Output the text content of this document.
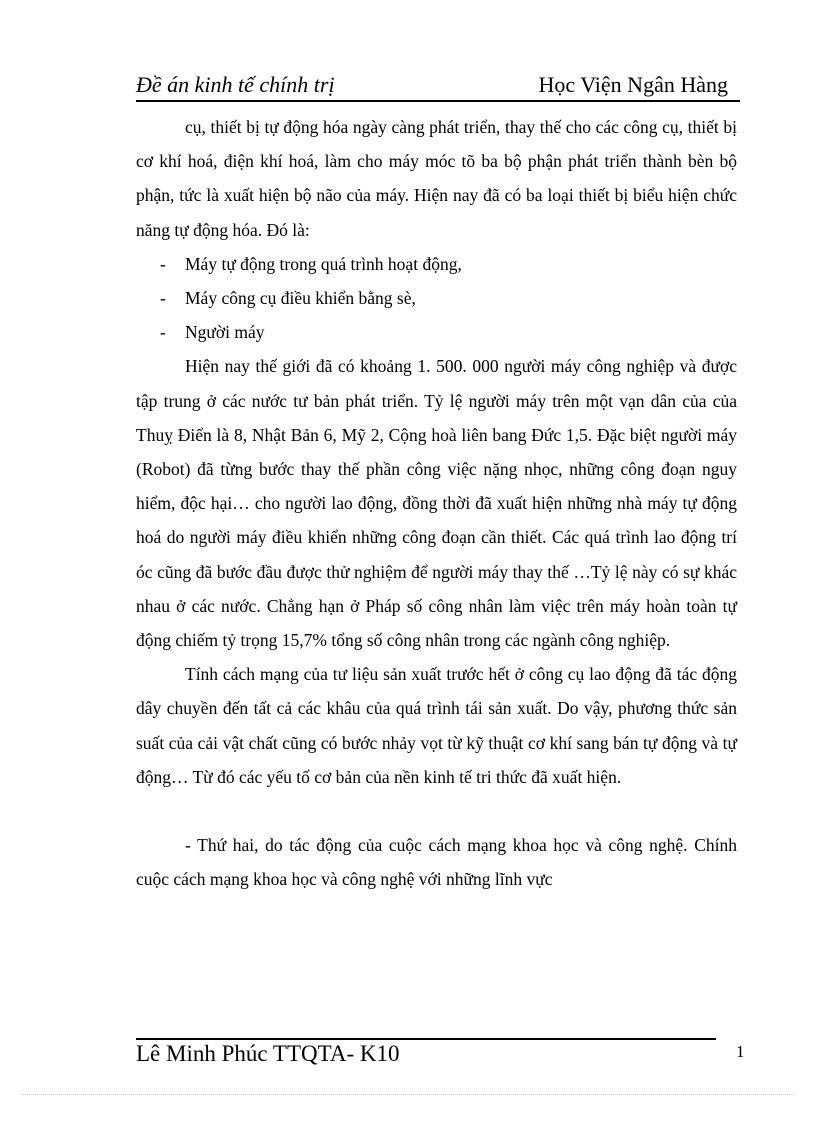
Đề án kinh tế chính trị	Học Viện Ngân Hàng

cụ, thiết bị tự động hóa ngày càng phát triển, thay thế cho các công cụ, thiết bị cơ khí hoá, điện khí hoá, làm cho máy móc tõ ba bộ phận phát triển thành bèn bộ phận, tức là xuất hiện bộ não của máy. Hiện nay đã có ba loại thiết bị biểu hiện chức năng tự động hóa. Đó là:

- Máy tự động trong quá trình hoạt động,
- Máy công cụ điều khiển bằng sè,
- Người máy

Hiện nay thế giới đã có khoảng 1. 500. 000 người máy công nghiệp và được tập trung ở các nước tư bản phát triển. Tỷ lệ người máy trên một vạn dân của của Thuỵ Điển là 8, Nhật Bản 6, Mỹ 2, Cộng hoà liên bang Đức 1,5. Đặc biệt người máy (Robot) đã từng bước thay thế phần công việc nặng nhọc, những công đoạn nguy hiểm, độc hại… cho người lao động, đồng thời đã xuất hiện những nhà máy tự động hoá do người máy điều khiển những công đoạn cần thiết. Các quá trình lao động trí óc cũng đã bước đầu được thử nghiệm để người máy thay thế …Tỷ lệ này có sự khác nhau ở các nước. Chẳng hạn ở Pháp số công nhân làm việc trên máy hoàn toàn tự động chiếm tỷ trọng 15,7% tổng số công nhân trong các ngành công nghiệp.

Tính cách mạng của tư liệu sản xuất trước hết ở công cụ lao động đã tác động dây chuyền đến tất cả các khâu của quá trình tái sản xuất. Do vậy, phương thức sản suất của cải vật chất cũng có bước nhảy vọt từ kỹ thuật cơ khí sang bán tự động và tự động… Từ đó các yếu tố cơ bản của nền kinh tế tri thức đã xuất hiện.

- Thứ hai, do tác động của cuộc cách mạng khoa học và công nghệ. Chính cuộc cách mạng khoa học và công nghệ với những lĩnh vực

Lê Minh Phúc TTQTA- K10	1
